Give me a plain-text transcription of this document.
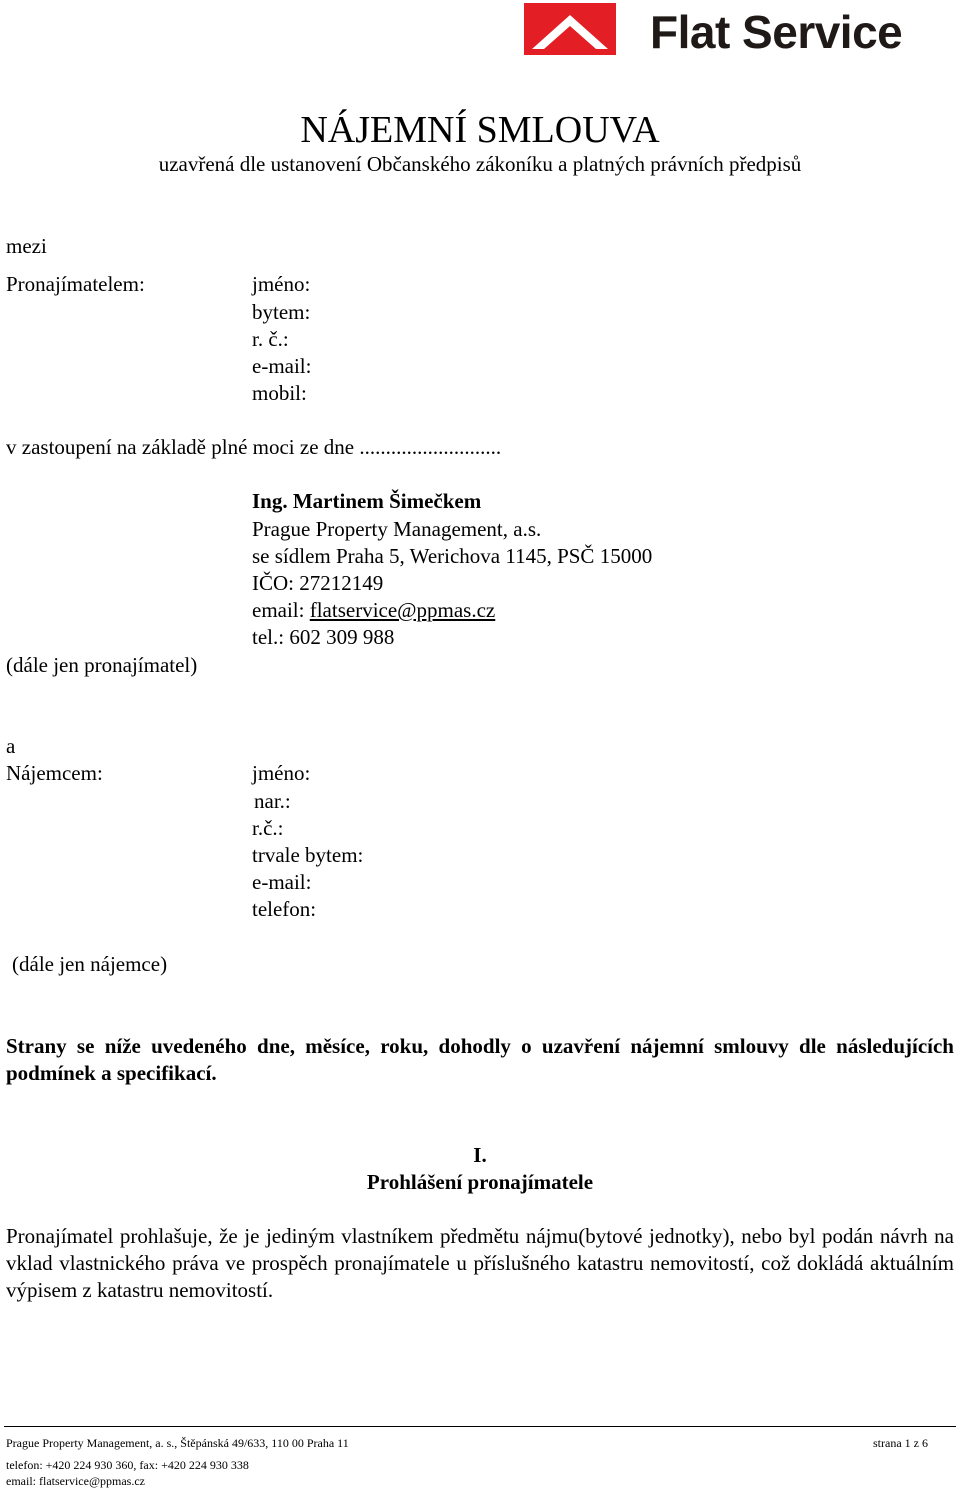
Flat Service
NÁJEMNÍ SMLOUVA
uzavřená dle ustanovení Občanského zákoníku a platných právních předpisů
mezi
Pronajímatelem:	jméno:
bytem:
r. č.:
e-mail:
mobil:
v zastoupení na základě plné moci ze dne ...........................
Ing. Martinem Šimečkem
Prague Property Management, a.s.
se sídlem Praha 5, Werichova 1145, PSČ 15000
IČO: 27212149
email: flatservice@ppmas.cz
tel.: 602 309 988
(dále jen pronajímatel)
a
Nájemcem:	jméno:
nar.:
r.č.:
trvale bytem:
e-mail:
telefon:
(dále jen nájemce)
Strany se níže uvedeného dne, měsíce, roku, dohodly o uzavření nájemní smlouvy dle následujících podmínek a specifikací.
I.
Prohlášení pronajímatele
Pronajímatel prohlašuje, že je jediným vlastníkem předmětu nájmu(bytové jednotky), nebo byl podán návrh na vklad vlastnického práva ve prospěch pronajímatele u příslušného katastru nemovitostí, což dokládá aktuálním výpisem z katastru nemovitostí.
Prague Property Management, a. s., Štěpánská 49/633, 110 00 Praha 11	strana 1 z 6
telefon: +420 224 930 360, fax: +420 224 930 338
email: flatservice@ppmas.cz
